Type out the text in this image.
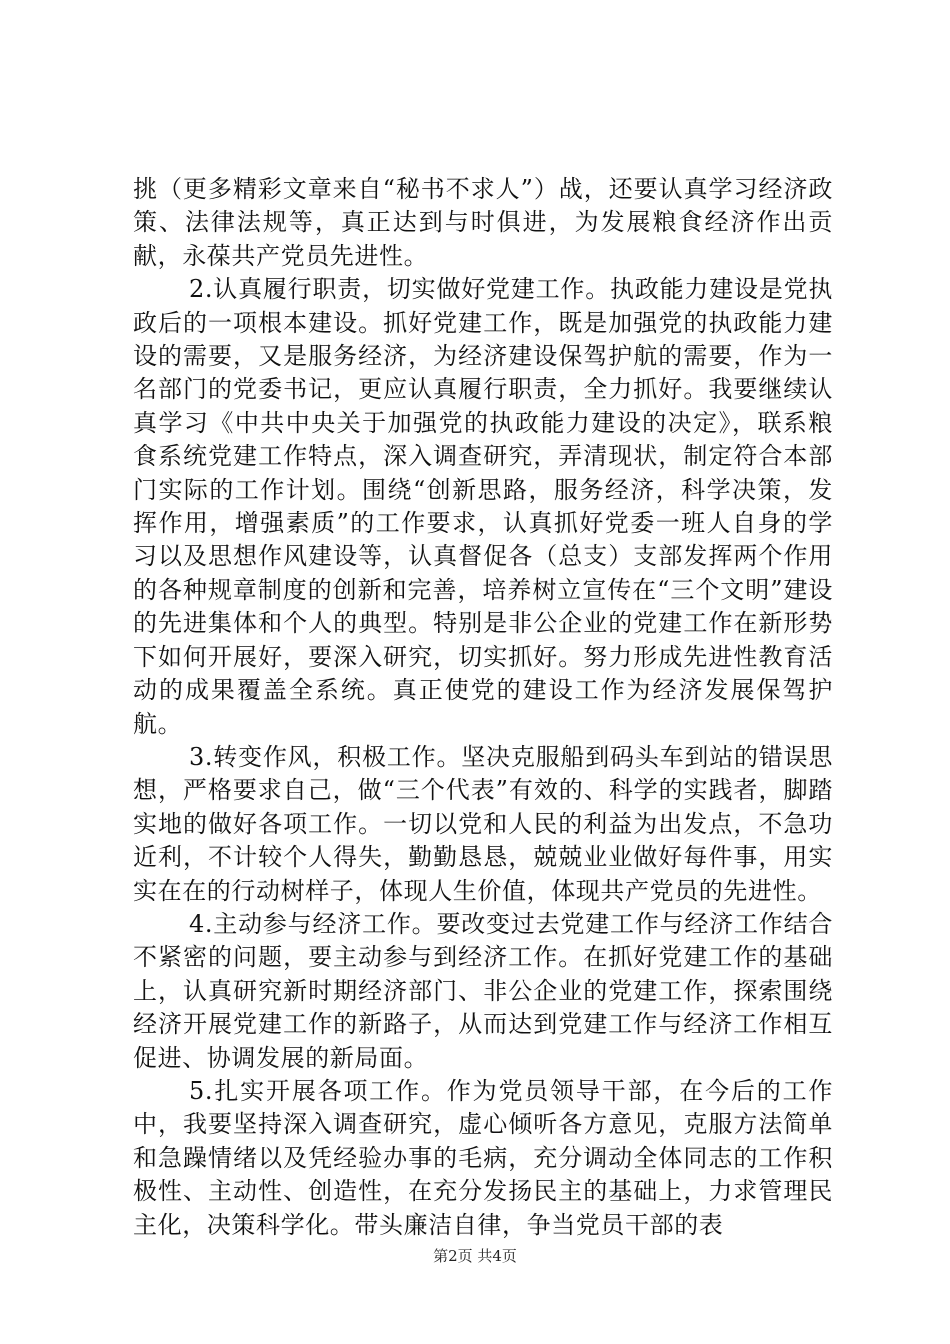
挑（更多精彩文章来自“秘书不求人”）战，还要认真学习经济政策、法律法规等，真正达到与时俱进，为发展粮食经济作出贡献，永葆共产党员先进性。

2.认真履行职责，切实做好党建工作。执政能力建设是党执政后的一项根本建设。抓好党建工作，既是加强党的执政能力建设的需要，又是服务经济，为经济建设保驾护航的需要，作为一名部门的党委书记，更应认真履行职责，全力抓好。我要继续认真学习《中共中央关于加强党的执政能力建设的决定》，联系粮食系统党建工作特点，深入调查研究，弄清现状，制定符合本部门实际的工作计划。围绕“创新思路，服务经济，科学决策，发挥作用，增强素质”的工作要求，认真抓好党委一班人自身的学习以及思想作风建设等，认真督促各（总支）支部发挥两个作用的各种规章制度的创新和完善，培养树立宣传在“三个文明”建设的先进集体和个人的典型。特别是非公企业的党建工作在新形势下如何开展好，要深入研究，切实抓好。努力形成先进性教育活动的成果覆盖全系统。真正使党的建设工作为经济发展保驾护航。

3.转变作风，积极工作。坚决克服船到码头车到站的错误思想，严格要求自己，做“三个代表”有效的、科学的实践者，脚踏实地的做好各项工作。一切以党和人民的利益为出发点，不急功近利，不计较个人得失，勤勤恳恳，兢兢业业做好每件事，用实实在在的行动树样子，体现人生价值，体现共产党员的先进性。

4.主动参与经济工作。要改变过去党建工作与经济工作结合不紧密的问题，要主动参与到经济工作。在抓好党建工作的基础上，认真研究新时期经济部门、非公企业的党建工作，探索围绕经济开展党建工作的新路子，从而达到党建工作与经济工作相互促进、协调发展的新局面。

5.扎实开展各项工作。作为党员领导干部，在今后的工作中，我要坚持深入调查研究，虚心倾听各方意见，克服方法简单和急躁情绪以及凭经验办事的毛病，充分调动全体同志的工作积极性、主动性、创造性，在充分发扬民主的基础上，力求管理民主化，决策科学化。带头廉洁自律，争当党员干部的表

第2页 共4页
